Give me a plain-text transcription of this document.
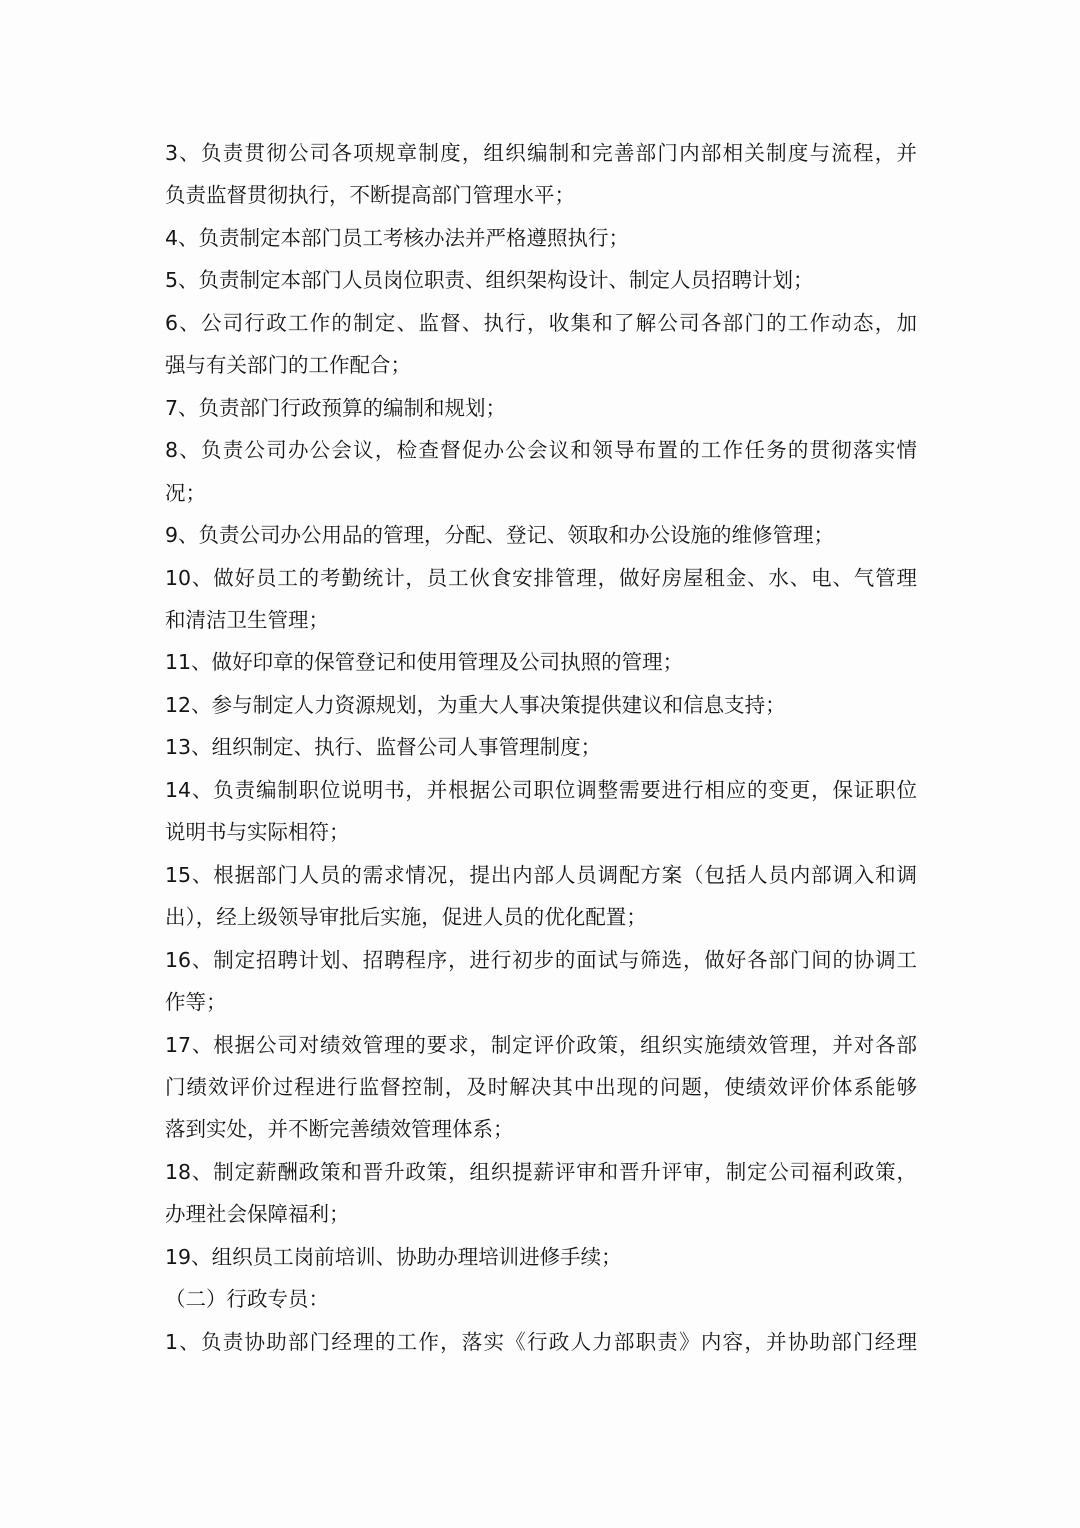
3、负责贯彻公司各项规章制度，组织编制和完善部门内部相关制度与流程，并
负责监督贯彻执行，不断提高部门管理水平；
4、负责制定本部门员工考核办法并严格遵照执行；
5、负责制定本部门人员岗位职责、组织架构设计、制定人员招聘计划；
6、公司行政工作的制定、监督、执行，收集和了解公司各部门的工作动态，加
强与有关部门的工作配合；
7、负责部门行政预算的编制和规划；
8、负责公司办公会议，检查督促办公会议和领导布置的工作任务的贯彻落实情
况；
9、负责公司办公用品的管理，分配、登记、领取和办公设施的维修管理；
10、做好员工的考勤统计，员工伙食安排管理，做好房屋租金、水、电、气管理
和清洁卫生管理；
11、做好印章的保管登记和使用管理及公司执照的管理；
12、参与制定人力资源规划，为重大人事决策提供建议和信息支持；
13、组织制定、执行、监督公司人事管理制度；
14、负责编制职位说明书，并根据公司职位调整需要进行相应的变更，保证职位
说明书与实际相符；
15、根据部门人员的需求情况，提出内部人员调配方案（包括人员内部调入和调
出），经上级领导审批后实施，促进人员的优化配置；
16、制定招聘计划、招聘程序，进行初步的面试与筛选，做好各部门间的协调工
作等；
17、根据公司对绩效管理的要求，制定评价政策，组织实施绩效管理，并对各部
门绩效评价过程进行监督控制，及时解决其中出现的问题，使绩效评价体系能够
落到实处，并不断完善绩效管理体系；
18、制定薪酬政策和晋升政策，组织提薪评审和晋升评审，制定公司福利政策，
办理社会保障福利；
19、组织员工岗前培训、协助办理培训进修手续；
（二）行政专员：
1、负责协助部门经理的工作，落实《行政人力部职责》内容，并协助部门经理
